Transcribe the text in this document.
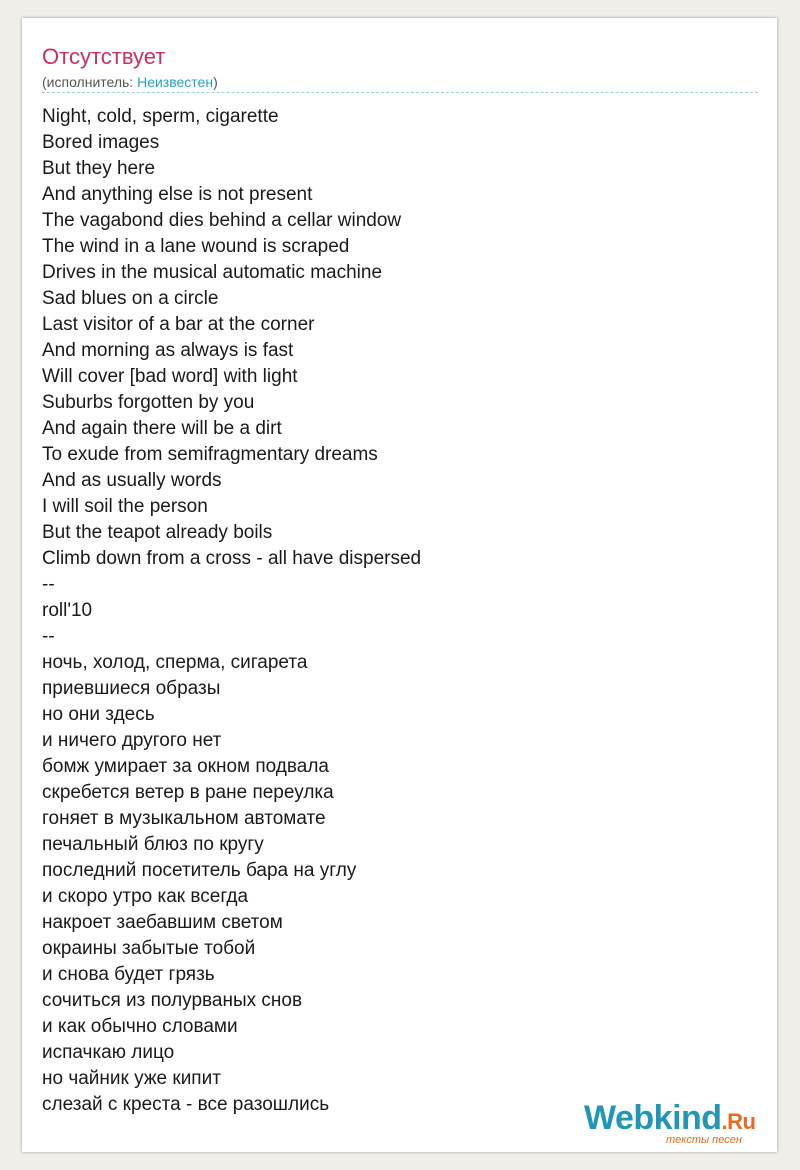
Отсутствует
(исполнитель: Неизвестен)
Night, cold, sperm, cigarette
Bored images
But they here
And anything else is not present
The vagabond dies behind a cellar window
The wind in a lane wound is scraped
Drives in the musical automatic machine
Sad blues on a circle
Last visitor of a bar at the corner
And morning as always is fast
Will cover [bad word] with light
Suburbs forgotten by you
And again there will be a dirt
To exude from semifragmentary dreams
And as usually words
I will soil the person
But the teapot already boils
Climb down from a cross - all have dispersed
--
roll'10
--
ночь, холод, сперма, сигарета
приевшиеся образы
но они здесь
и ничего другого нет
бомж умирает за окном подвала
скребется ветер в ране переулка
гоняет в музыкальном автомате
печальный блюз по кругу
последний посетитель бара на углу
и скоро утро как всегда
накроет заебавшим светом
окраины забытые тобой
и снова будет грязь
сочиться из полурваных снов
и как обычно словами
испачкаю лицо
но чайник уже кипит
слезай с креста - все разошлись	Webkind.Ru
тексты песен
